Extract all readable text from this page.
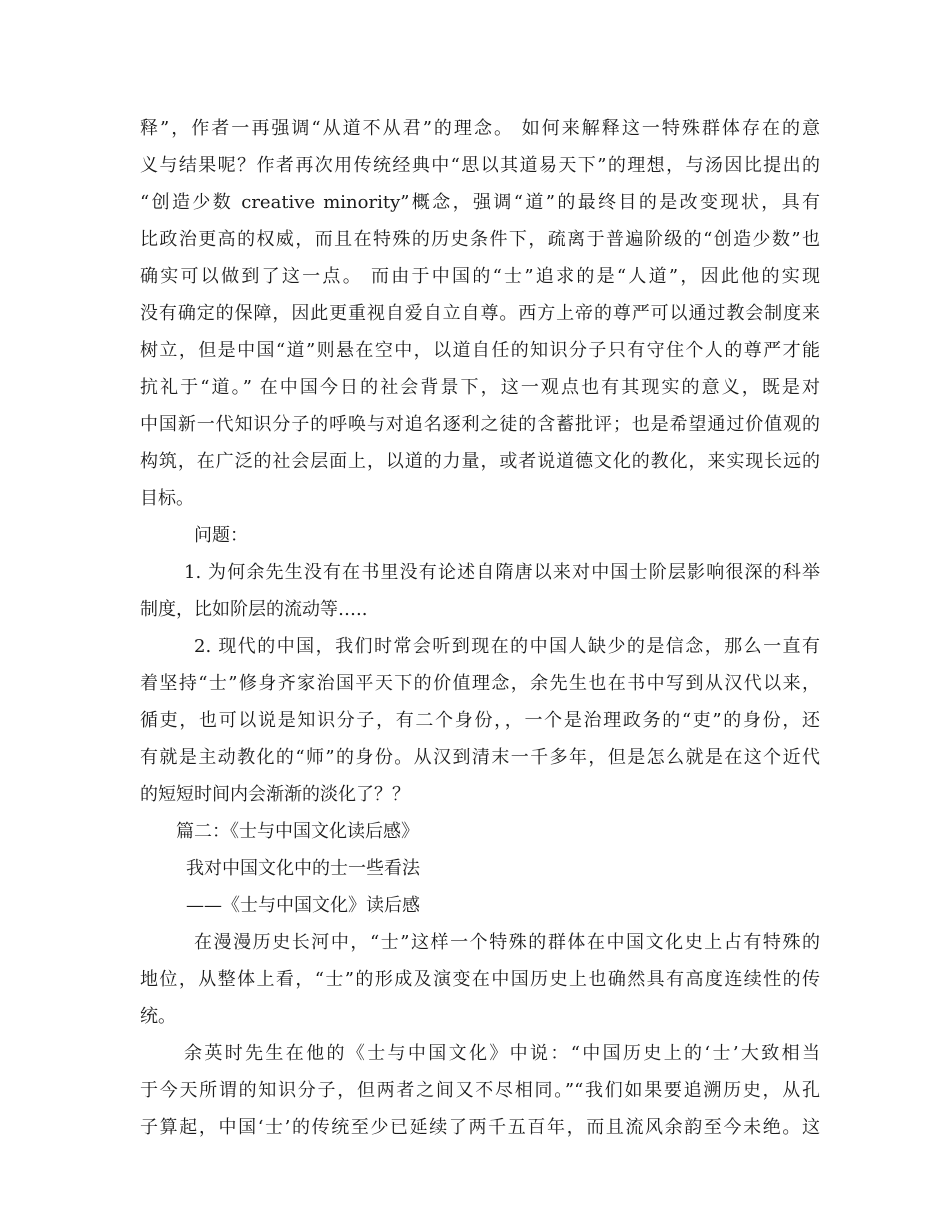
释”，作者一再强调“从道不从君”的理念。 如何来解释这一特殊群体存在的意
义与结果呢？作者再次用传统经典中“思以其道易天下”的理想，与汤因比提出的
“创造少数 creative minority”概念，强调“道”的最终目的是改变现状，具有
比政治更高的权威，而且在特殊的历史条件下，疏离于普遍阶级的“创造少数”也
确实可以做到了这一点。 而由于中国的“士”追求的是“人道”，因此他的实现
没有确定的保障，因此更重视自爱自立自尊。西方上帝的尊严可以通过教会制度来
树立，但是中国“道”则悬在空中，以道自任的知识分子只有守住个人的尊严才能
抗礼于“道。” 在中国今日的社会背景下，这一观点也有其现实的意义，既是对
中国新一代知识分子的呼唤与对追名逐利之徒的含蓄批评；也是希望通过价值观的
构筑，在广泛的社会层面上，以道的力量，或者说道德文化的教化，来实现长远的
目标。
问题：
1. 为何余先生没有在书里没有论述自隋唐以来对中国士阶层影响很深的科举
制度，比如阶层的流动等…..
2. 现代的中国，我们时常会听到现在的中国人缺少的是信念，那么一直有
着坚持“士”修身齐家治国平天下的价值理念，余先生也在书中写到从汉代以来，
循吏，也可以说是知识分子，有二个身份，，一个是治理政务的“吏”的身份，还
有就是主动教化的“师”的身份。从汉到清末一千多年，但是怎么就是在这个近代
的短短时间内会渐渐的淡化了？？
篇二：《士与中国文化读后感》
我对中国文化中的士一些看法
——《士与中国文化》读后感
在漫漫历史长河中，“士”这样一个特殊的群体在中国文化史上占有特殊的
地位，从整体上看，“士”的形成及演变在中国历史上也确然具有高度连续性的传
统。
余英时先生在他的《士与中国文化》中说：“中国历史上的‘士’大致相当
于今天所谓的知识分子，但两者之间又不尽相同。”“我们如果要追溯历史，从孔
子算起，中国‘士’的传统至少已延续了两千五百年，而且流风余韵至今未绝。这
